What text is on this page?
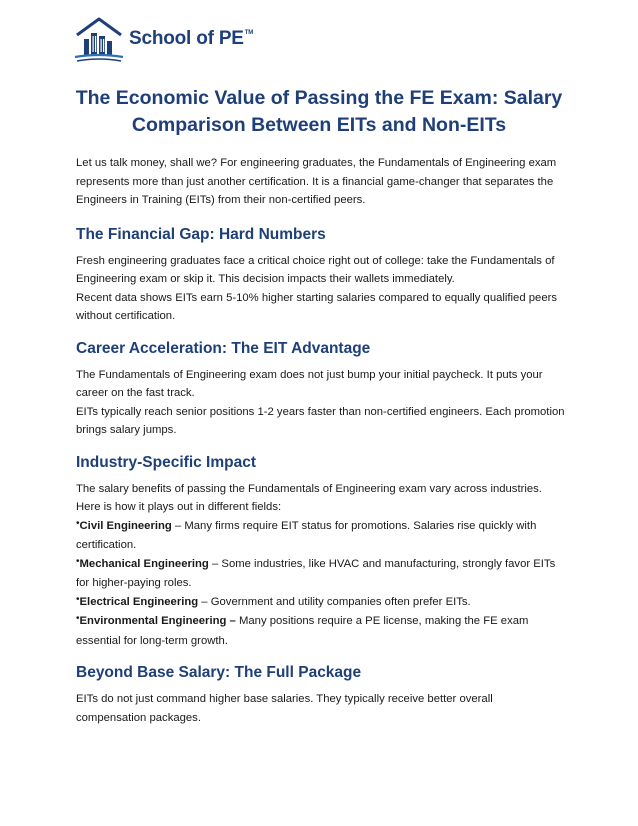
School of PE™
The Economic Value of Passing the FE Exam: Salary Comparison Between EITs and Non-EITs

Let us talk money, shall we? For engineering graduates, the Fundamentals of Engineering exam represents more than just another certification. It is a financial game-changer that separates the Engineers in Training (EITs) from their non-certified peers.

The Financial Gap: Hard Numbers

Fresh engineering graduates face a critical choice right out of college: take the Fundamentals of Engineering exam or skip it. This decision impacts their wallets immediately.

Recent data shows EITs earn 5-10% higher starting salaries compared to equally qualified peers without certification.

Career Acceleration: The EIT Advantage

The Fundamentals of Engineering exam does not just bump your initial paycheck. It puts your career on the fast track.

EITs typically reach senior positions 1-2 years faster than non-certified engineers. Each promotion brings salary jumps.

Industry-Specific Impact

The salary benefits of passing the Fundamentals of Engineering exam vary across industries. Here is how it plays out in different fields:

•Civil Engineering – Many firms require EIT status for promotions. Salaries rise quickly with certification.

•Mechanical Engineering – Some industries, like HVAC and manufacturing, strongly favor EITs for higher-paying roles.

•Electrical Engineering – Government and utility companies often prefer EITs.

•Environmental Engineering – Many positions require a PE license, making the FE exam essential for long-term growth.

Beyond Base Salary: The Full Package

EITs do not just command higher base salaries. They typically receive better overall compensation packages.
